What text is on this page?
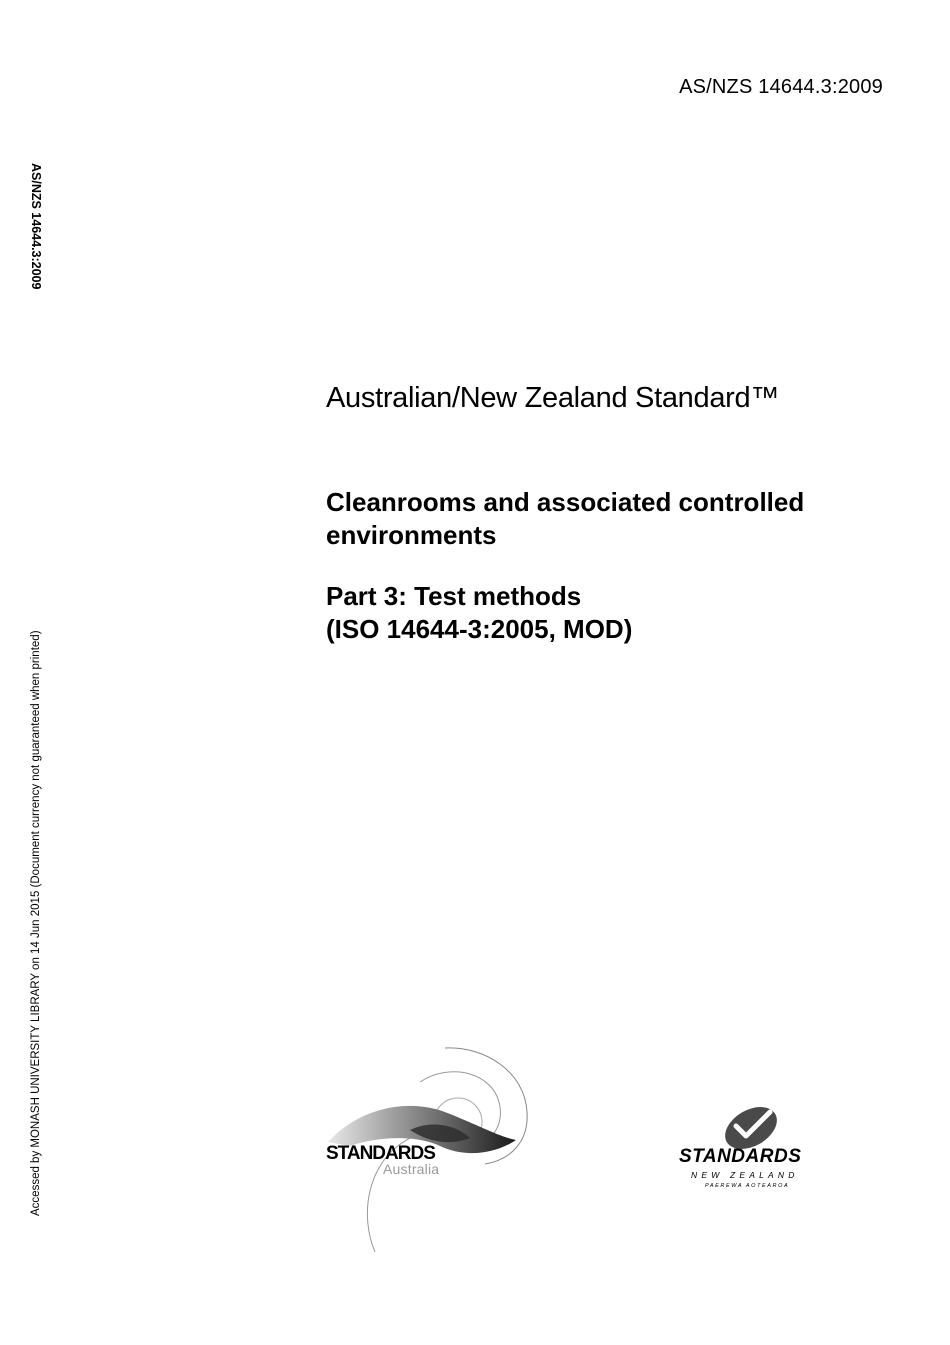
AS/NZS 14644.3:2009
AS/NZS 14644.3:2009
Accessed by MONASH UNIVERSITY LIBRARY on 14 Jun 2015 (Document currency not guaranteed when printed)
Australian/New Zealand Standard™
Cleanrooms and associated controlled environments
Part 3: Test methods
(ISO 14644-3:2005, MOD)
STANDARDS
Australia
STANDARDS
NEW ZEALAND
PAEREWA AOTEAROA
